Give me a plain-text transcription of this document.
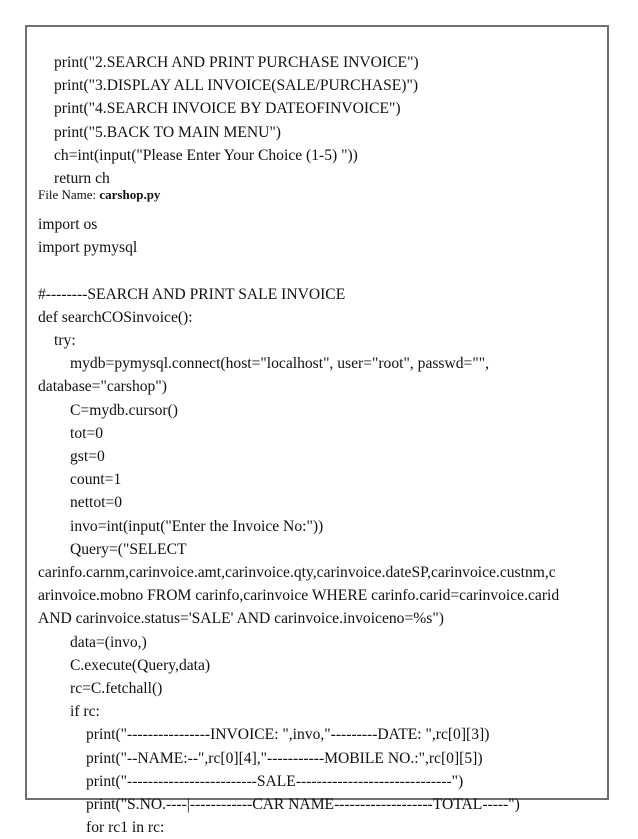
print("2.SEARCH AND PRINT PURCHASE INVOICE")
print("3.DISPLAY ALL INVOICE(SALE/PURCHASE)")
print("4.SEARCH INVOICE BY DATEOFINVOICE")
print("5.BACK TO MAIN MENU")
ch=int(input("Please Enter Your Choice (1-5) "))
return ch
File Name: carshop.py
import os
import pymysql
#--------SEARCH AND PRINT SALE INVOICE
def searchCOSinvoice():
try:
mydb=pymysql.connect(host="localhost", user="root", passwd="",
database="carshop")
C=mydb.cursor()
tot=0
gst=0
count=1
nettot=0
invo=int(input("Enter the Invoice No:"))
Query=("SELECT
carinfo.carnm,carinvoice.amt,carinvoice.qty,carinvoice.dateSP,carinvoice.custnm,c
arinvoice.mobno FROM carinfo,carinvoice WHERE carinfo.carid=carinvoice.carid
AND carinvoice.status='SALE' AND carinvoice.invoiceno=%s")
data=(invo,)
C.execute(Query,data)
rc=C.fetchall()
if rc:
print("----------------INVOICE: ",invo,"---------DATE: ",rc[0][3])
print("--NAME:--",rc[0][4],"-----------MOBILE NO.:",rc[0][5])
print("-------------------------SALE------------------------------")
print("S.NO.----|------------CAR NAME-------------------TOTAL-----")
for rc1 in rc:
